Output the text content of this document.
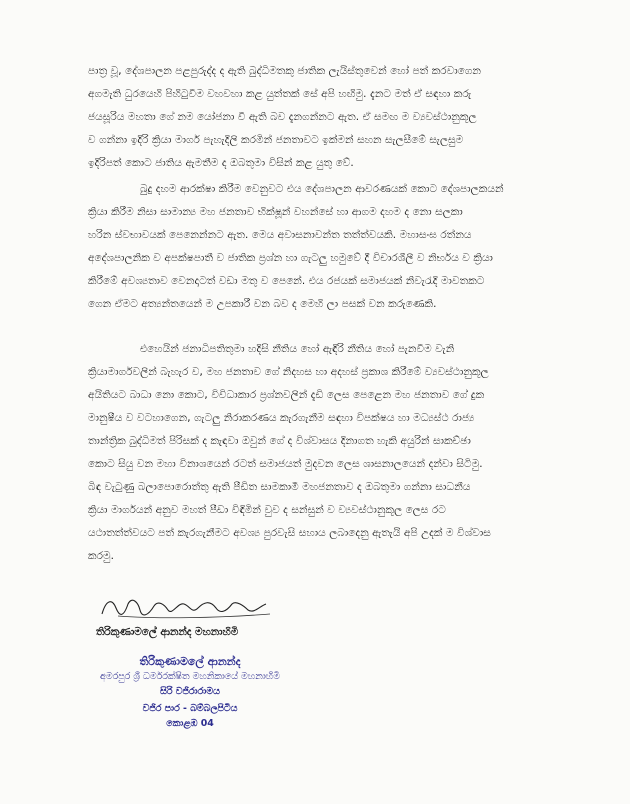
පාත්‍ර වූ, දේශපාලන පළපුරුද්ද ද ඇති බුද්ධිමතකු ජාතික ලැයිස්තුවෙන් හෝ පත් කරවාගෙන
අගමැති ධුරයෙහි පිහිටුවීම වහවහා කළ යුත්තක් සේ අපි හඟිමු. දැනට මත් ඒ සඳහා කරු
ජයසූරිය මහතා ගේ නම යෝජනා වී ඇති බව දැනගන්නට ඇත. ඒ සමඟ ම ව්‍යවස්ථානුකූල
ව ගන්නා ඉදිරි ක්‍රියා මාර්ග පැහැදිලි කරමින් ජනතාවට ඉක්මන් සහන සැලසීමේ සැලසුම
ඉදිරිපත් කොට ජාතිය ඇමතීම ද ඔබතුමා විසින් කළ යුතු වේ.
බුදු දහම ආරක්ෂා කිරීම වෙනුවට එය දේශපාලන ආවරණයක් කොට දේශපාලකයන්
ක්‍රියා කිරීම නිසා සාමාන්‍ය මහ ජනතාව භික්ෂූන් වහන්සේ හා ආගම දහම ද නො සලකා
හරින ස්වභාවයක් පෙනෙන්නට ඇත. මෙය අවාසනාවන්ත තත්ත්වයකි. මහාසංඝ රත්නය
අදේශපාලනික ව අපක්ෂපාතී ව ජාතික ප්‍රශ්න හා ගැටලු හමුවේ දී විචාරශීලී ව නිර්භය ව ක්‍රියා
කිරීමේ අවශ්‍යතාව වෙනදාටත් වඩා මතු ව පෙනේ. එය රජයක් සමාජයක් නිවැරැදි මාවතකට
ගෙන ඒමට අත්‍යන්තයෙන් ම උපකාරී වන බව ද මෙහි ලා පසක් වන කරුණෙකි.
එහෙයින් ජනාධිපතිතුමා හදිසි නීතිය හෝ ඇඳිරි නීතිය හෝ පැනවීම වැනි
ක්‍රියාමාර්ගවලින් බැහැර ව, මහ ජනතාව ගේ නිදහස හා අදහස් ප්‍රකාශ කිරීමේ ව්‍යවස්ථානුකූල
අයිතියට බාධා නො කොට, විවිධාකාර ප්‍රශ්නවලින් දැඩි ලෙස පෙළෙන මහ ජනතාව ගේ දුක
මානුෂීය ව වටහාගෙන, ගැටලු නිරාකරණය කැරගැනීම සඳහා විපක්ෂය හා මධ්‍යස්ථ රාජ්‍ය
තාන්ත්‍රික බුද්ධිමත් පිරිසක් ද කැඳවා ඔවුන් ගේ ද විශ්වාසය දිනාගත හැකි අයුරින් සාකච්ඡා
කොට සියු වන මහා විනාශයෙන් රටත් සමාජයත් මුදවන ලෙස ශාසනාලයෙන් දන්වා සිටිමු.
බිඳ වැටුණු බලාපොරොත්තු ඇති පීඩිත සාමකාමී මහජනතාව ද ඔබතුමා ගන්නා සාධනීය
ක්‍රියා මාර්ගයන් අනුව මහත් පීඩා විඳිමින් වුව ද සන්සුන් ව ව්‍යවස්ථානුකූල ලෙස රට
යථාතත්ත්වයට පත් කැරගැනීමට අවශ්‍ය පුරවැසි සහාය ලබාදෙනු ඇතැයි අපි උදක් ම විශ්වාස
කරමු.
තිරිකුණාමලේ ආනන්ද මහනාහිමි
තිරිකුණාමලේ ආනන්ද
අමරපුර ශ්‍රී ධර්මරක්ෂිත මහනිකායේ මහනාහිමි
සිරි වජිරාරාමය
වජිර පාර - බම්බලපිටිය
කොළඹ 04
